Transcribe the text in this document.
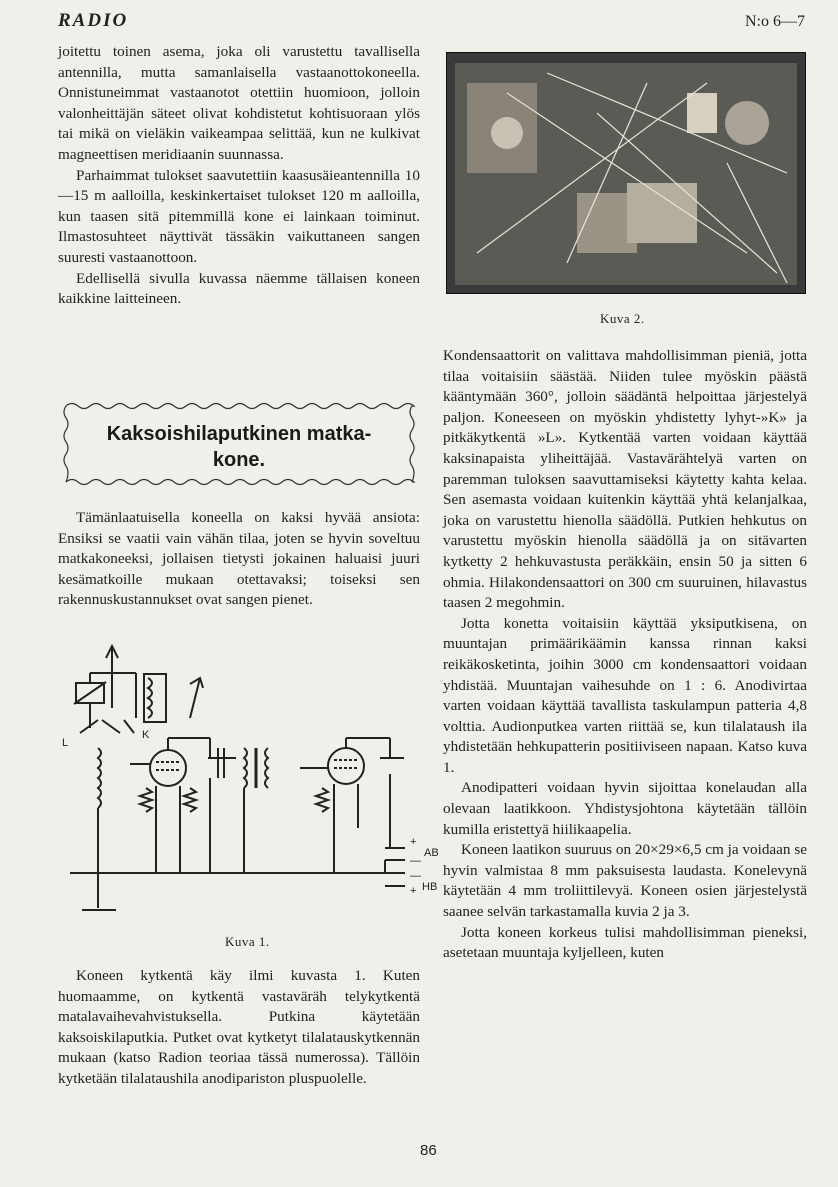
RADIO	N:o 6—7

joitettu toinen asema, joka oli varustettu tavallisella antennilla, mutta samanlaisella vastaanottokoneella. Onnistuneimmat vastaanotot otettiin huomioon, jolloin valonheittäjän säteet olivat kohdistetut kohtisuoraan ylös tai mikä on vieläkin vaikeampaa selittää, kun ne kulkivat magneettisen meridiaanin suunnassa.

Parhaimmat tulokset saavutettiin kaasusäieantennilla 10—15 m aalloilla, keskinkertaiset tulokset 120 m aalloilla, kun taasen sitä pitemmillä kone ei lainkaan toiminut. Ilmastosuhteet näyttivät tässäkin vaikuttaneen sangen suuresti vastaanottoon.

Edellisellä sivulla kuvassa näemme tällaisen koneen kaikkine laitteineen.

Kaksoishilaputkinen matka-
kone.

Tämänlaatuisella koneella on kaksi hyvää ansiota: Ensiksi se vaatii vain vähän tilaa, joten se hyvin soveltuu matkakoneeksi, jollaisen tietysti jokainen haluaisi juuri kesämatkoille mukaan otettavaksi; toiseksi sen rakennuskustannukset ovat sangen pienet.

L
K
+
AB
—
—
HB
+
Kuva 1.

Koneen kytkentä käy ilmi kuvasta 1. Kuten huomaamme, on kytkentä vastaväräh telykytkentä matalavaihevahvistuksella. Putkina käytetään kaksoiskilaputkia. Putket ovat kytketyt tilalatauskytkennän mukaan (katso Radion teoriaa tässä numerossa). Tällöin kytketään tilalataushila anodipariston pluspuolelle.

Kuva 2.

Kondensaattorit on valittava mahdollisimman pieniä, jotta tilaa voitaisiin säästää. Niiden tulee myöskin päästä kääntymään 360°, jolloin säädäntä helpoittaa järjestelyä paljon. Koneeseen on myöskin yhdistetty lyhyt-»K» ja pitkäkytkentä »L». Kytkentää varten voidaan käyttää kaksinapaista yliheittäjää. Vastavärähtelyä varten on paremman tuloksen saavuttamiseksi käytetty kahta kelaa. Sen asemasta voidaan kuitenkin käyttää yhtä kelanjalkaa, joka on varustettu hienolla säädöllä. Putkien hehkutus on varustettu myöskin hienolla säädöllä ja on sitävarten kytketty 2 hehkuvastusta peräkkäin, ensin 50 ja sitten 6 ohmia. Hilakondensaattori on 300 cm suuruinen, hilavastus taasen 2 megohmin.

Jotta konetta voitaisiin käyttää yksiputkisena, on muuntajan primäärikäämin kanssa rinnan kaksi reikäkosketinta, joihin 3000 cm kondensaattori voidaan yhdistää. Muuntajan vaihesuhde on 1 : 6. Anodivirtaa varten voidaan käyttää tavallista taskulampun patteria 4,8 volttia. Audionputkea varten riittää se, kun tilalataush ila yhdistetään hehkupatterin positiiviseen napaan. Katso kuva 1.

Anodipatteri voidaan hyvin sijoittaa konelaudan alla olevaan laatikkoon. Yhdistysjohtona käytetään tällöin kumilla eristettyä hiilikaapelia.

Koneen laatikon suuruus on 20×29×6,5 cm ja voidaan se hyvin valmistaa 8 mm paksuisesta laudasta. Konelevynä käytetään 4 mm troliittilevyä. Koneen osien järjestelystä saanee selvän tarkastamalla kuvia 2 ja 3.

Jotta koneen korkeus tulisi mahdollisimman pieneksi, asetetaan muuntaja kyljelleen, kuten

86
